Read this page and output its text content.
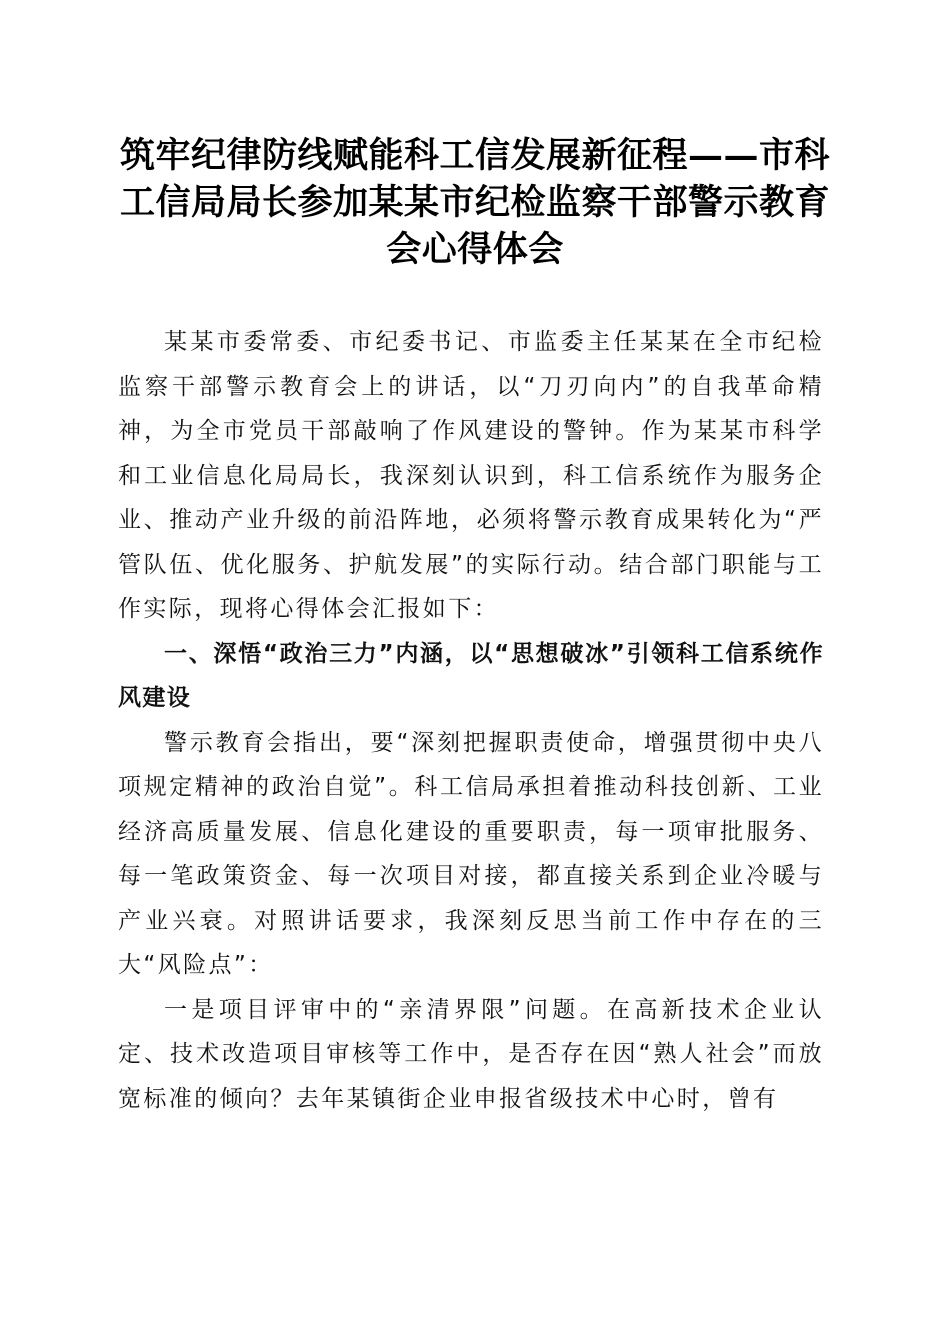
筑牢纪律防线赋能科工信发展新征程——市科工信局局长参加某某市纪检监察干部警示教育会心得体会

某某市委常委、市纪委书记、市监委主任某某在全市纪检监察干部警示教育会上的讲话，以“刀刃向内”的自我革命精神，为全市党员干部敲响了作风建设的警钟。作为某某市科学和工业信息化局局长，我深刻认识到，科工信系统作为服务企业、推动产业升级的前沿阵地，必须将警示教育成果转化为“严管队伍、优化服务、护航发展”的实际行动。结合部门职能与工作实际，现将心得体会汇报如下：

一、深悟“政治三力”内涵，以“思想破冰”引领科工信系统作风建设

警示教育会指出，要“深刻把握职责使命，增强贯彻中央八项规定精神的政治自觉”。科工信局承担着推动科技创新、工业经济高质量发展、信息化建设的重要职责，每一项审批服务、每一笔政策资金、每一次项目对接，都直接关系到企业冷暖与产业兴衰。对照讲话要求，我深刻反思当前工作中存在的三大“风险点”：

一是项目评审中的“亲清界限”问题。在高新技术企业认定、技术改造项目审核等工作中，是否存在因“熟人社会”而放宽标准的倾向？去年某镇街企业申报省级技术中心时，曾有
